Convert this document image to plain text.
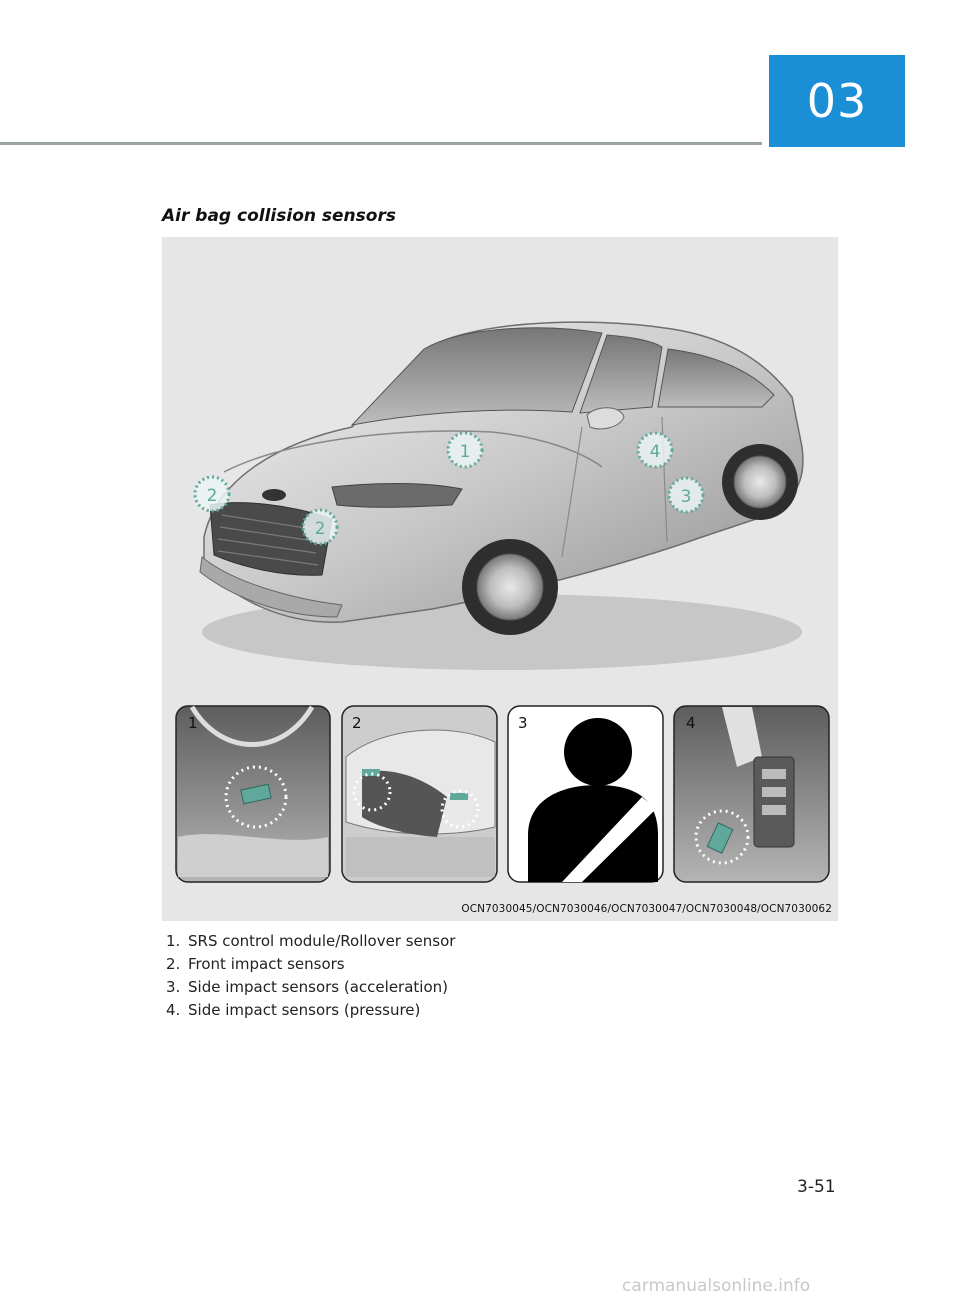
03
Air bag collision sensors
1
2
2
3
4
1	2	3	4
OCN7030045/OCN7030046/OCN7030047/OCN7030048/OCN7030062
1. SRS control module/Rollover sensor
2. Front impact sensors
3. Side impact sensors (acceleration)
4. Side impact sensors (pressure)
3-51
carmanualsonline.info
